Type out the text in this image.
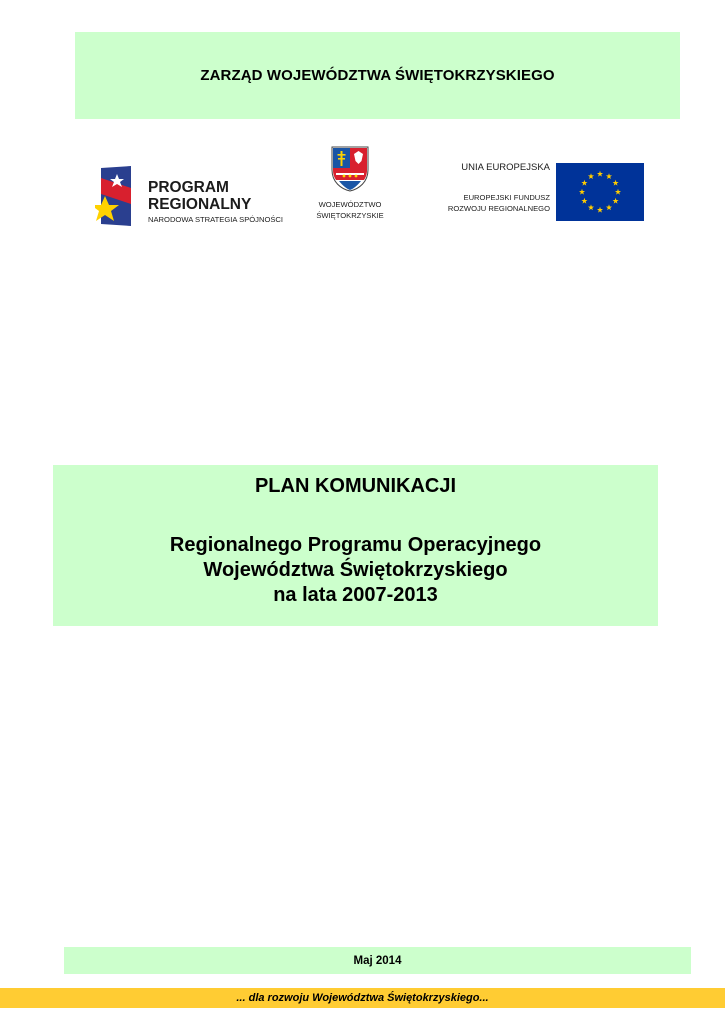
ZARZĄD WOJEWÓDZTWA ŚWIĘTOKRZYSKIEGO
PROGRAM
REGIONALNY
NARODOWA STRATEGIA SPÓJNOŚCI
WOJEWÓDZTWO
ŚWIĘTOKRZYSKIE
UNIA EUROPEJSKA
EUROPEJSKI FUNDUSZ
ROZWOJU REGIONALNEGO
PLAN KOMUNIKACJI
Regionalnego Programu Operacyjnego
Województwa Świętokrzyskiego
na lata 2007-2013
Maj 2014
... dla rozwoju Województwa Świętokrzyskiego...
